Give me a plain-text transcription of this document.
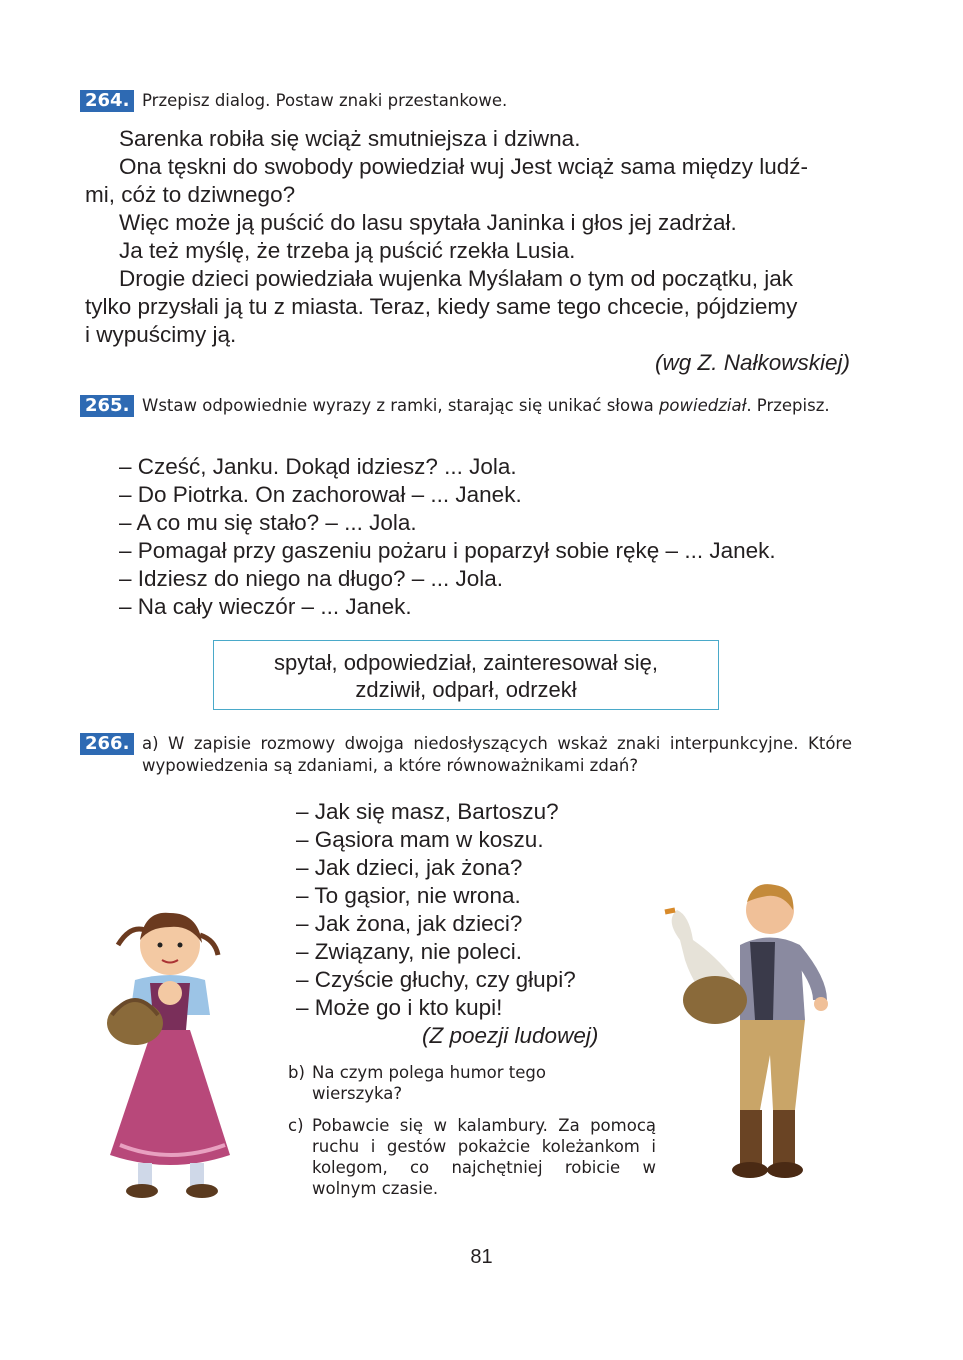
264. Przepisz dialog. Postaw znaki przestankowe.
Sarenka robiła się wciąż smutniejsza i dziwna.
Ona tęskni do swobody powiedział wuj Jest wciąż sama między ludź-
mi, cóż to dziwnego?
Więc może ją puścić do lasu spytała Janinka i głos jej zadrżał.
Ja też myślę, że trzeba ją puścić rzekła Lusia.
Drogie dzieci powiedziała wujenka Myślałam o tym od początku, jak
tylko przysłali ją tu z miasta. Teraz, kiedy same tego chcecie, pójdziemy
i wypuścimy ją.
(wg Z. Nałkowskiej)
265. Wstaw odpowiednie wyrazy z ramki, starając się unikać słowa powiedział. Przepisz.
– Cześć, Janku. Dokąd idziesz? ... Jola.
– Do Piotrka. On zachorował – ... Janek.
– A co mu się stało? – ... Jola.
– Pomagał przy gaszeniu pożaru i poparzył sobie rękę – ... Janek.
– Idziesz do niego na długo? – ... Jola.
– Na cały wieczór – ... Janek.
spytał, odpowiedział, zainteresował się,
zdziwił, odparł, odrzekł
266. a) W zapisie rozmowy dwojga niedosłyszących wskaż znaki interpunkcyjne. Które wypowiedzenia są zdaniami, a które równoważnikami zdań?
– Jak się masz, Bartoszu?
– Gąsiora mam w koszu.
– Jak dzieci, jak żona?
– To gąsior, nie wrona.
– Jak żona, jak dzieci?
– Związany, nie poleci.
– Czyście głuchy, czy głupi?
– Może go i kto kupi!
(Z poezji ludowej)
b) Na czym polega humor tego wierszyka?
c) Pobawcie się w kalambury. Za pomocą ruchu i gestów pokażcie koleżankom i kolegom, co najchętniej robicie w wolnym czasie.
81
